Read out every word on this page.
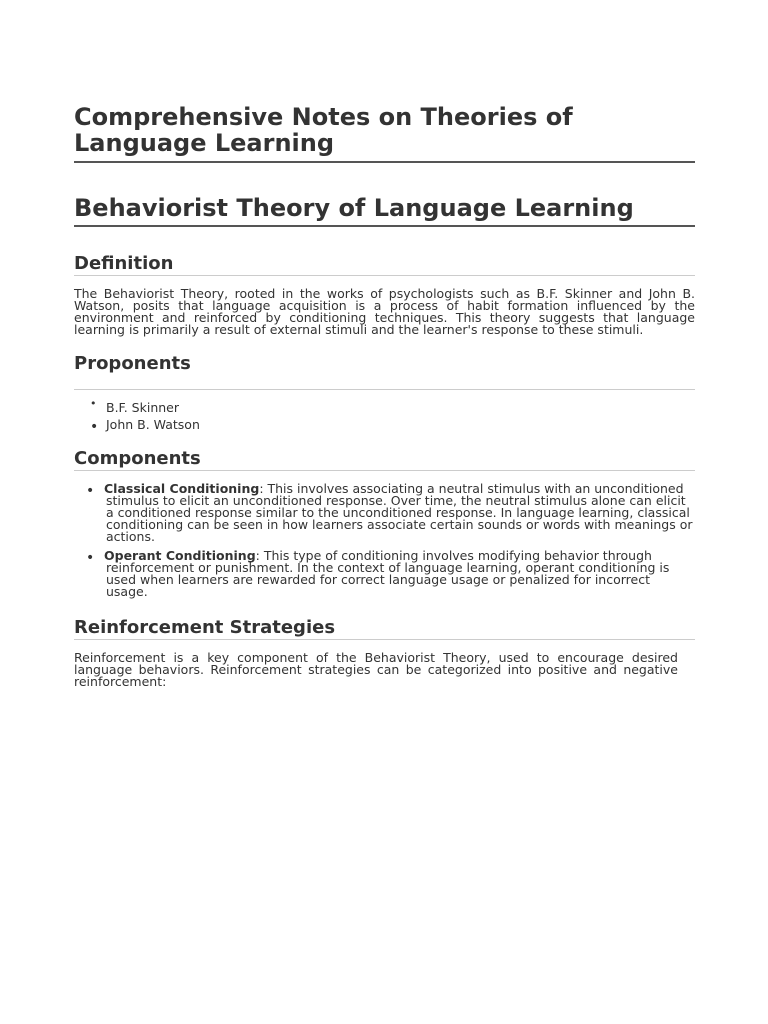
Comprehensive Notes on Theories of Language Learning
Behaviorist Theory of Language Learning
Definition

The Behaviorist Theory, rooted in the works of psychologists such as B.F. Skinner and John B. Watson, posits that language acquisition is a process of habit formation influenced by the environment and reinforced by conditioning techniques. This theory suggests that language learning is primarily a result of external stimuli and the learner's response to these stimuli.

Proponents
• B.F. Skinner
• John B. Watson
Components
• Classical Conditioning: This involves associating a neutral stimulus with an unconditioned stimulus to elicit an unconditioned response. Over time, the neutral stimulus alone can elicit a conditioned response similar to the unconditioned response. In language learning, classical conditioning can be seen in how learners associate certain sounds or words with meanings or actions.
• Operant Conditioning: This type of conditioning involves modifying behavior through reinforcement or punishment. In the context of language learning, operant conditioning is used when learners are rewarded for correct language usage or penalized for incorrect usage.
Reinforcement Strategies

Reinforcement is a key component of the Behaviorist Theory, used to encourage desired language behaviors. Reinforcement strategies can be categorized into positive and negative reinforcement:
